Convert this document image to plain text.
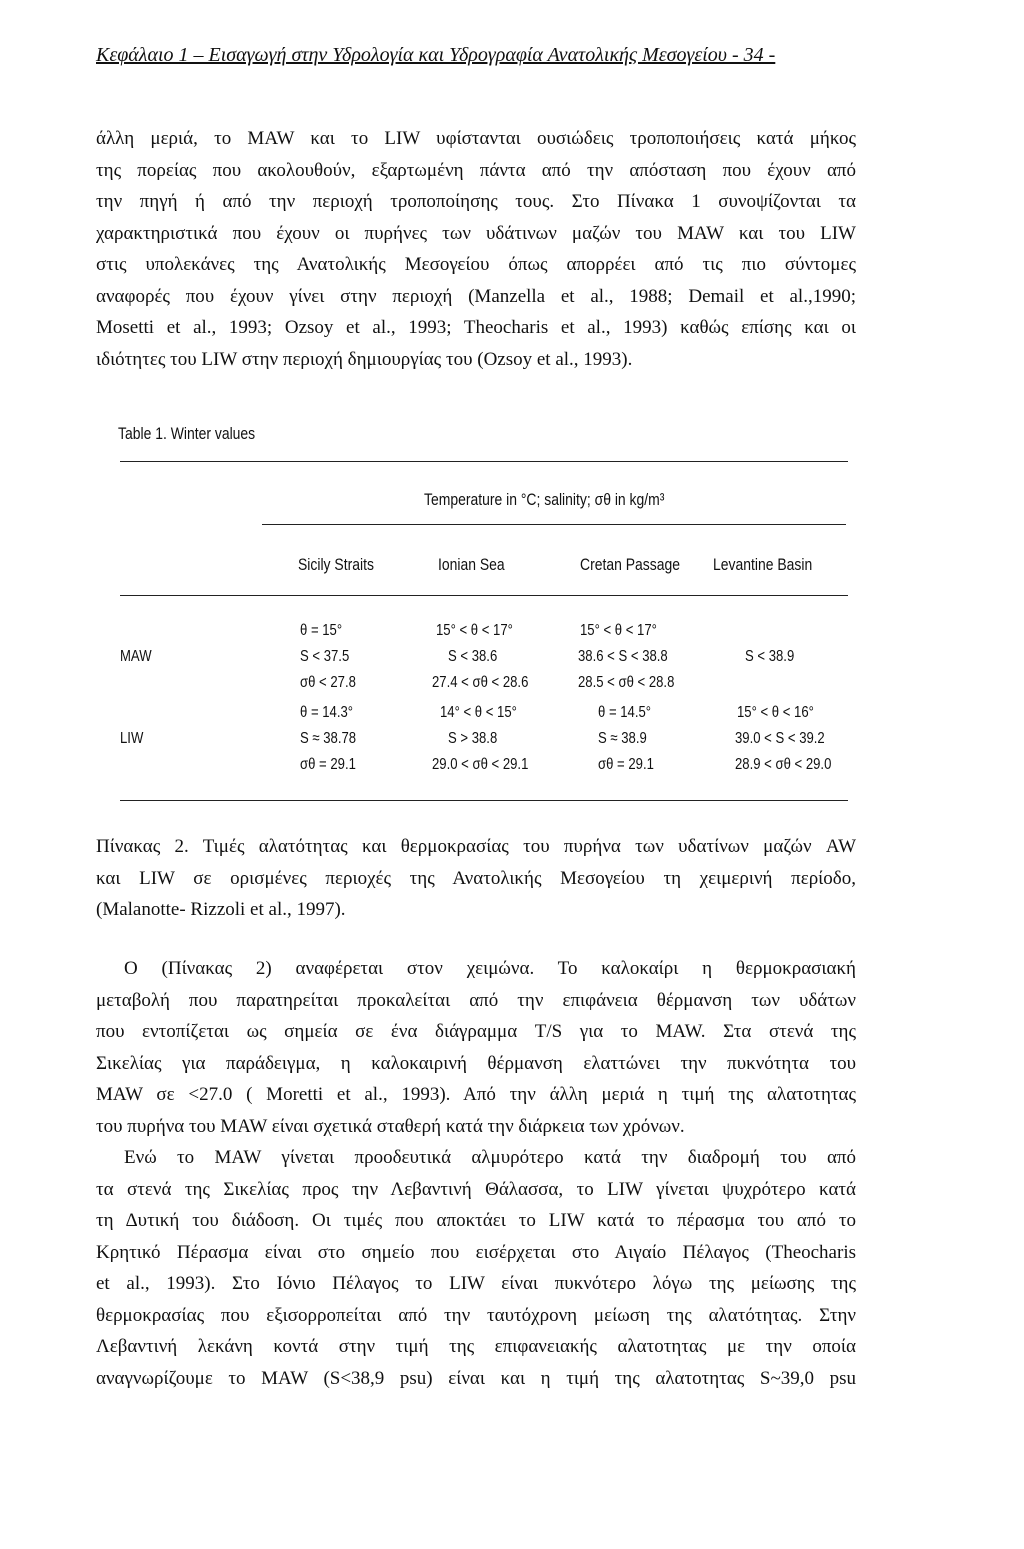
Κεφάλαιο 1 – Εισαγωγή στην Υδρολογία και Υδρογραφία Ανατολικής Μεσογείου - 34 -
άλλη μεριά, το MAW και το LIW υφίστανται ουσιώδεις τροποποιήσεις κατά μήκος
της πορείας που ακολουθούν, εξαρτωμένη πάντα από την απόσταση που έχουν από
την πηγή ή από την περιοχή τροποποίησης τους. Στο Πίνακα 1 συνοψίζονται τα
χαρακτηριστικά που έχουν οι πυρήνες των υδάτινων μαζών του MAW και του LIW
στις υπολεκάνες της Ανατολικής Μεσογείου όπως απορρέει από τις πιο σύντομες
αναφορές που έχουν γίνει στην περιοχή (Manzella et al., 1988; Demail et al.,1990;
Mosetti et al., 1993; Ozsoy et al., 1993; Theocharis et al., 1993) καθώς επίσης και οι
ιδιότητες του LIW στην περιοχή δημιουργίας του (Ozsoy et al., 1993).
Table 1. Winter values
Temperature in °C; salinity; σθ in kg/m³
Sicily Straits	Ionian Sea	Cretan Passage Levantine Basin
MAW
θ = 15°
S < 37.5
σθ < 27.8
15° < θ < 17°
S < 38.6
27.4 < σθ < 28.6
15° < θ < 17°
38.6 < S < 38.8
28.5 < σθ < 28.8
S < 38.9
LIW
θ = 14.3°
S ≈ 38.78
σθ = 29.1
14° < θ < 15°
S > 38.8
29.0 < σθ < 29.1
θ = 14.5°
S ≈ 38.9
σθ = 29.1
15° < θ < 16°
39.0 < S < 39.2
28.9 < σθ < 29.0
Πίνακας 2. Τιμές αλατότητας και θερμοκρασίας του πυρήνα των υδατίνων μαζών AW
και LIW σε ορισμένες περιοχές της Ανατολικής Μεσογείου τη χειμερινή περίοδο,
(Malanotte- Rizzoli et al., 1997).
Ο (Πίνακας 2) αναφέρεται στον χειμώνα. Το καλοκαίρι η θερμοκρασιακή
μεταβολή που παρατηρείται προκαλείται από την επιφάνεια θέρμανση των υδάτων
που εντοπίζεται ως σημεία σε ένα διάγραμμα T/S για το MAW. Στα στενά της
Σικελίας για παράδειγμα, η καλοκαιρινή θέρμανση ελαττώνει την πυκνότητα του
MAW σε <27.0 ( Moretti et al., 1993). Από την άλλη μεριά η τιμή της αλατοτητας
του πυρήνα του MAW είναι σχετικά σταθερή κατά την διάρκεια των χρόνων.
Ενώ το MAW γίνεται προοδευτικά αλμυρότερο κατά την διαδρομή του από
τα στενά της Σικελίας προς την Λεβαντινή Θάλασσα, το LIW γίνεται ψυχρότερο κατά
τη Δυτική του διάδοση. Οι τιμές που αποκτάει το LIW κατά το πέρασμα του από το
Κρητικό Πέρασμα είναι στο σημείο που εισέρχεται στο Αιγαίο Πέλαγος (Theocharis
et al., 1993). Στο Ιόνιο Πέλαγος το LIW είναι πυκνότερο λόγω της μείωσης της
θερμοκρασίας που εξισορροπείται από την ταυτόχρονη μείωση της αλατότητας. Στην
Λεβαντινή λεκάνη κοντά στην τιμή της επιφανειακής αλατοτητας με την οποία
αναγνωρίζουμε το MAW (S<38,9 psu) είναι και η τιμή της αλατοτητας S~39,0 psu
